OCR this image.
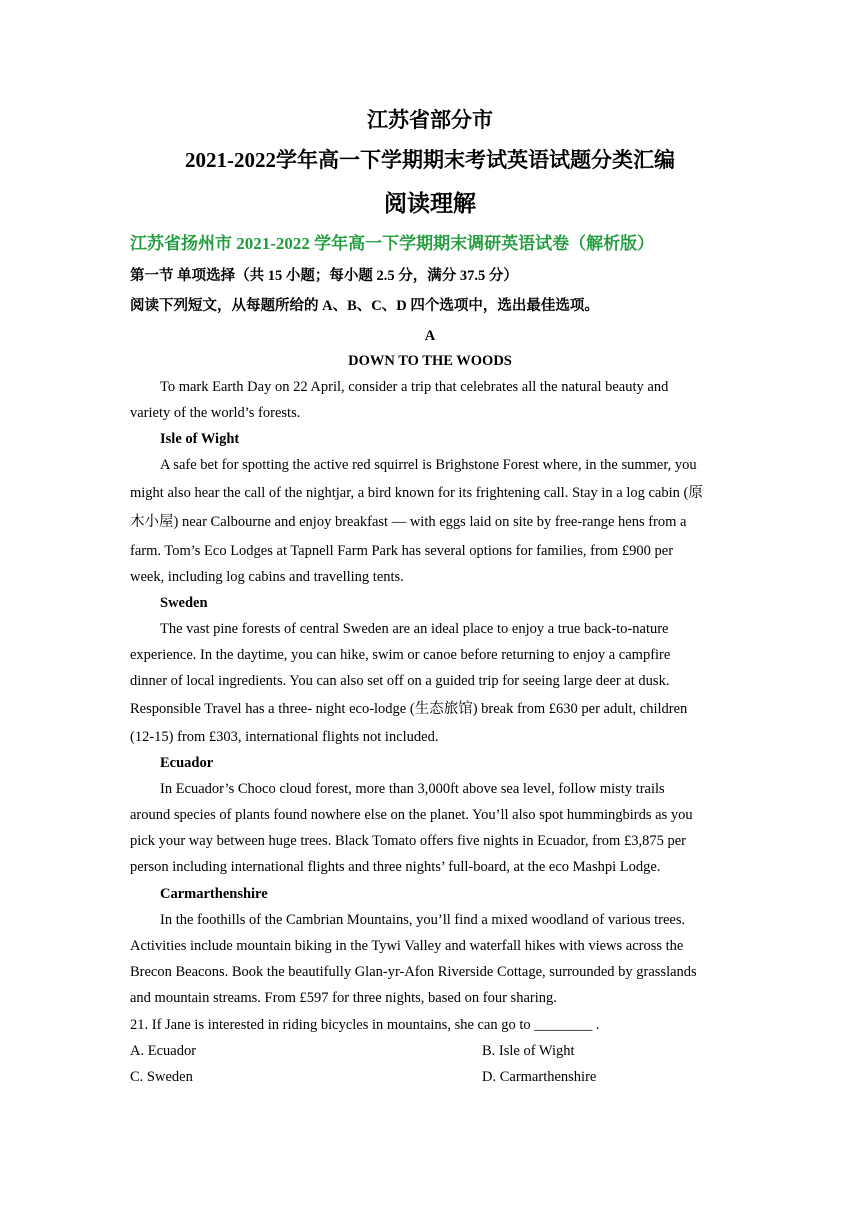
江苏省部分市
2021-2022学年高一下学期期末考试英语试题分类汇编
阅读理解
江苏省扬州市 2021-2022 学年高一下学期期末调研英语试卷（解析版）
第一节 单项选择（共 15 小题；每小题 2.5 分，满分 37.5 分）
阅读下列短文，从每题所给的 A、B、C、D 四个选项中，选出最佳选项。
A
DOWN TO THE WOODS
To mark Earth Day on 22 April, consider a trip that celebrates all the natural beauty and
variety of the world’s forests.
Isle of Wight
A safe bet for spotting the active red squirrel is Brighstone Forest where, in the summer, you
might also hear the call of the nightjar, a bird known for its frightening call. Stay in a log cabin (原
木小屋) near Calbourne and enjoy breakfast — with eggs laid on site by free-range hens from a
farm. Tom’s Eco Lodges at Tapnell Farm Park has several options for families, from £900 per
week, including log cabins and travelling tents.
Sweden
The vast pine forests of central Sweden are an ideal place to enjoy a true back-to-nature
experience. In the daytime, you can hike, swim or canoe before returning to enjoy a campfire
dinner of local ingredients. You can also set off on a guided trip for seeing large deer at dusk.
Responsible Travel has a three- night eco-lodge (生态旅馆) break from £630 per adult, children
(12-15) from £303, international flights not included.
Ecuador
In Ecuador’s Choco cloud forest, more than 3,000ft above sea level, follow misty trails
around species of plants found nowhere else on the planet. You’ll also spot hummingbirds as you
pick your way between huge trees. Black Tomato offers five nights in Ecuador, from £3,875 per
person including international flights and three nights’ full-board, at the eco Mashpi Lodge.
Carmarthenshire
In the foothills of the Cambrian Mountains, you’ll find a mixed woodland of various trees.
Activities include mountain biking in the Tywi Valley and waterfall hikes with views across the
Brecon Beacons. Book the beautifully Glan-yr-Afon Riverside Cottage, surrounded by grasslands
and mountain streams. From £597 for three nights, based on four sharing.
21. If Jane is interested in riding bicycles in mountains, she can go to ________ .
A. Ecuador	B. Isle of Wight
C. Sweden	D. Carmarthenshire
